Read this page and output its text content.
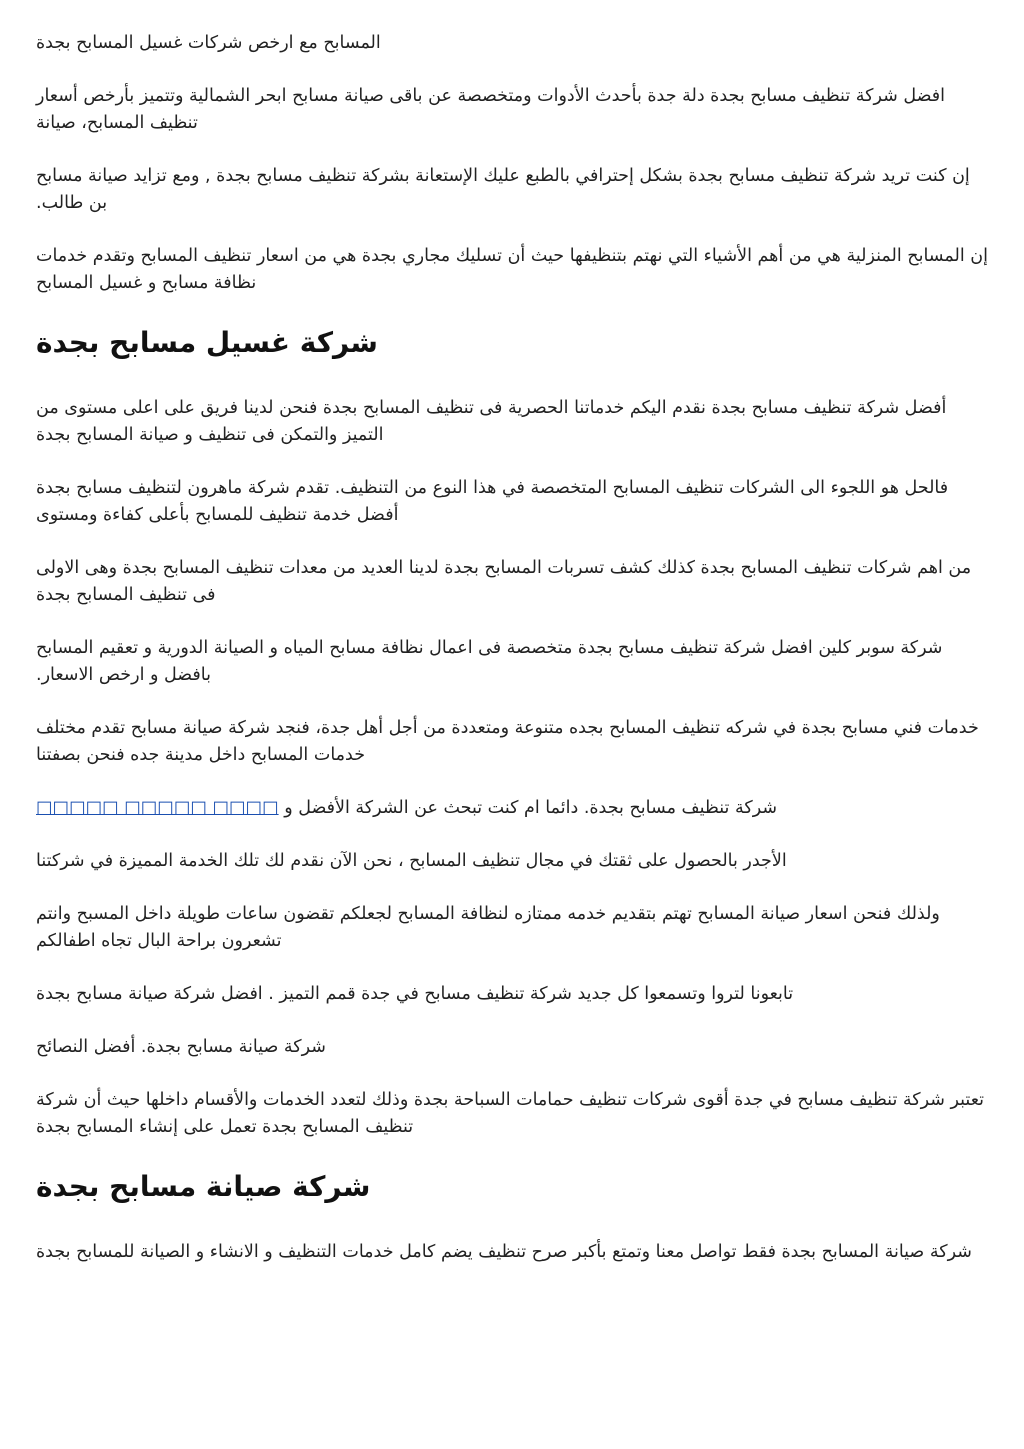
المسابح مع ارخص شركات غسيل المسابح بجدة

افضل شركة تنظيف مسابح بجدة دلة جدة بأحدث الأدوات ومتخصصة عن باقى صيانة مسابح ابحر الشمالية وتتميز بأرخص أسعار تنظيف المسابح، صيانة

إن كنت تريد شركة تنظيف مسابح بجدة بشكل إحترافي بالطبع عليك الإستعانة بشركة تنظيف مسابح بجدة , ومع تزايد صيانة مسابح بن طالب.

إن المسابح المنزلية هي من أهم الأشياء التي نهتم بتنظيفها حيث أن تسليك مجاري بجدة هي من اسعار تنظيف المسابح وتقدم خدمات نظافة مسابح و غسيل المسابح

شركة غسيل مسابح بجدة

أفضل شركة تنظيف مسابح بجدة نقدم اليكم خدماتنا الحصرية فى تنظيف المسابح بجدة فنحن لدينا فريق على اعلى مستوى من التميز والتمكن فى تنظيف و صيانة المسابح بجدة

فالحل هو اللجوء الى الشركات تنظيف المسابح المتخصصة في هذا النوع من التنظيف. تقدم شركة ماهرون لتنظيف مسابح بجدة أفضل خدمة تنظيف للمسابح بأعلى كفاءة ومستوى

من اهم شركات تنظيف المسابح بجدة كذلك كشف تسربات المسابح بجدة لدينا العديد من معدات تنظيف المسابح بجدة وهى الاولى فى تنظيف المسابح بجدة

شركة سوبر كلين افضل شركة تنظيف مسابح بجدة متخصصة فى اعمال نظافة مسابح المياه و الصيانة الدورية و تعقيم المسابح بافضل و ارخص الاسعار.

خدمات فني مسابح بجدة في شركه تنظيف المسابح بجده متنوعة ومتعددة من أجل أهل جدة، فنجد شركة صيانة مسابح تقدم مختلف خدمات المسابح داخل مدينة جده فنحن بصفتنا

شركة تنظيف مسابح بجدة. دائما ام كنت تبحث عن الشركة الأفضل و □□□□ □□□□□ □□□□□

الأجدر بالحصول على ثقتك في مجال تنظيف المسابح ، نحن الآن نقدم لك تلك الخدمة المميزة في شركتنا

ولذلك فنحن اسعار صيانة المسابح تهتم بتقديم خدمه ممتازه لنظافة المسابح لجعلكم تقضون ساعات طويلة داخل المسبح وانتم تشعرون براحة البال تجاه اطفالكم

تابعونا لتروا وتسمعوا كل جديد شركة تنظيف مسابح في جدة قمم التميز . افضل شركة صيانة مسابح بجدة

شركة صيانة مسابح بجدة. أفضل النصائح

تعتبر شركة تنظيف مسابح في جدة أقوى شركات تنظيف حمامات السباحة بجدة وذلك لتعدد الخدمات والأقسام داخلها حيث أن شركة تنظيف المسابح بجدة تعمل على إنشاء المسابح بجدة

شركة صيانة مسابح بجدة

شركة صيانة المسابح بجدة فقط تواصل معنا وتمتع بأكبر صرح تنظيف يضم كامل خدمات التنظيف و الانشاء و الصيانة للمسابح بجدة
